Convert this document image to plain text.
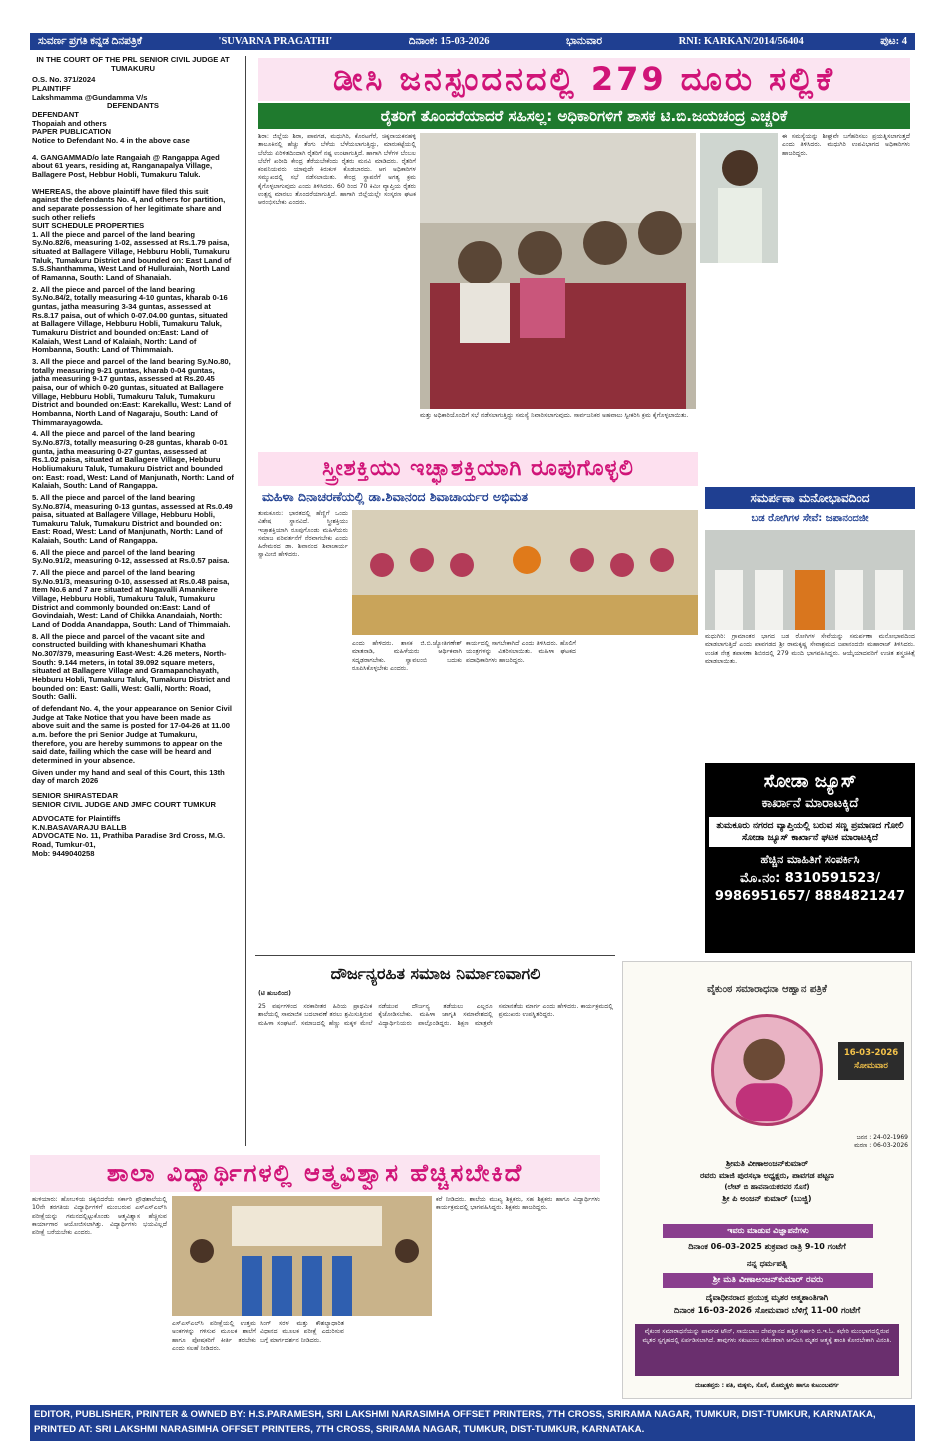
ಸುವರ್ಣ ಪ್ರಗತಿ ಕನ್ನಡ ದಿನಪತ್ರಿಕೆ	'SUVARNA PRAGATHI'	ದಿನಾಂಕ: 15-03-2026	ಭಾನುವಾರ	RNI: KARKAN/2014/56404	ಪುಟ: 4

IN THE COURT OF THE PRL SENIOR CIVIL JUDGE AT TUMAKURU

O.S. No. 371/2024

PLAINTIFF

Lakshmamma @Gundamma V/s

DEFENDANTS

DEFENDANT

Thopaiah and others

PAPER PUBLICATION

Notice to Defendant No. 4 in the above case

4. GANGAMMAD/o late Rangaiah @ Rangappa Aged about 61 years, residing at, Ranganapalya Village, Ballagere Post, Hebbur Hobli, Tumakuru Taluk.

WHEREAS, the above plaintiff have filed this suit against the defendants No. 4, and others for partition, and separate possession of her legitimate share and such other reliefs

SUIT SCHEDULE PROPERTIES

1. All the piece and parcel of the land bearing Sy.No.82/6, measuring 1-02, assessed at Rs.1.79 paisa, situated at Ballagere Village, Hebburu Hobli, Tumakuru Taluk, Tumakuru District and bounded on: East Land of S.S.Shanthamma, West Land of Hulluraiah, North Land of Ramanna, South: Land of Shanaiah.

2. All the piece and parcel of the land bearing Sy.No.84/2, totally measuring 4-10 guntas, kharab 0-16 guntas, jatha measuring 3-34 guntas, assessed at Rs.8.17 paisa, out of which 0-07.04.00 guntas, situated at Ballagere Village, Hebburu Hobli, Tumakuru Taluk, Tumakuru District and bounded on:East: Land of Kalaiah, West Land of Kalaiah, North: Land of Hombanna, South: Land of Thimmaiah.

3. All the piece and parcel of the land bearing Sy.No.80, totally measuring 9-21 guntas, kharab 0-04 guntas, jatha measuring 9-17 guntas, assessed at Rs.20.45 paisa, our of which 0-20 guntas, situated at Ballagere Village, Hebburu Hobli, Tumakuru Taluk, Tumakuru District and bounded on:East: Karekallu, West: Land of Hombanna, North Land of Nagaraju, South: Land of Thimmarayagowda.

4. All the piece and parcel of the land bearing Sy.No.87/3, totally measuring 0-28 guntas, kharab 0-01 gunta, jatha measuring 0-27 guntas, assessed at Rs.1.02 paisa, situated at Ballagere Village, Hebburu Hobliumakuru Taluk, Tumakuru District and bounded on: East: road, West: Land of Manjunath, North: Land of Kalaiah, South: Land of Rangappa.

5. All the piece and parcel of the land bearing Sy.No.87/4, measuring 0-13 guntas, assessed at Rs.0.49 paisa, situated at Ballagere Village, Hebburu Hobli, Tumakuru Taluk, Tumakuru District and bounded on: East: Road, West: Land of Manjunath, North: Land of Kalaiah, South: Land of Rangappa.

6. All the piece and parcel of the land bearing Sy.No.91/2, measuring 0-12, assessed at Rs.0.57 paisa.

7. All the piece and parcel of the land bearing Sy.No.91/3, measuring 0-10, assessed at Rs.0.48 paisa, Item No.6 and 7 are situated at Nagavalli Amanikere Village, Hebburu Hobli, Tumakuru Taluk, Tumakuru District and commonly bounded on:East: Land of Govindaiah, West: Land of Chikka Anandaiah, North: Land of Dodda Anandappa, South: Land of Thimmaiah.

8. All the piece and parcel of the vacant site and constructed building with khaneshumari Khatha No.307/379, measuring East-West: 4.26 meters, North-South: 9.144 meters, in total 39.092 square meters, situated at Ballagere Village and Gramapanchayath, Hebburu Hobli, Tumakuru Taluk, Tumakuru District and bounded on: East: Galli, West: Galli, North: Road, South: Galli.

of defendant No. 4, the your appearance on Senior Civil Judge at Take Notice that you have been made as above suit and the same is posted for 17-04-26 at 11.00 a.m. before the pri Senior Judge at Tumakuru, therefore, you are hereby summons to appear on the said date, failing which the case will be heard and determined in your absence.

Given under my hand and seal of this Court, this 13th day of march 2026

SENIOR SHIRASTEDAR

SENIOR CIVIL JUDGE AND JMFC COURT TUMKUR

ADVOCATE for Plaintiffs

K.N.BASAVARAJU BALLB

ADVOCATE No. 11, Prathiba Paradise 3rd Cross, M.G. Road, Tumkur-01,

Mob: 9449040258

ಡೀಸಿ ಜನಸ್ಪಂದನದಲ್ಲಿ 279 ದೂರು ಸಲ್ಲಿಕೆ
ರೈತರಿಗೆ ತೊಂದರೆಯಾದರೆ ಸಹಿಸಲ್ಲ: ಅಧಿಕಾರಿಗಳಿಗೆ ಶಾಸಕ ಟಿ.ಬಿ.ಜಯಚಂದ್ರ ಎಚ್ಚರಿಕೆ
ಶಿರಾ: ಜಿಲ್ಲೆಯ ಶಿರಾ, ಪಾವಗಡ, ಮಧುಗಿರಿ, ಕೊರಟಗೆರೆ, ಚಿಕ್ಕನಾಯಕನಹಳ್ಳಿ ತಾಲೂಕಿನಲ್ಲಿ ಹೆಚ್ಚು ತೆಂಗು ಬೆಳೆಯ ಬೆಳೆಯಲಾಗುತ್ತಿದ್ದು, ಮಾರುಕಟ್ಟೆಯಲ್ಲಿ ಬೆಲೆಯ ಏರಿಳಿತದಿಂದಾಗಿ ರೈತರಿಗೆ ನಷ್ಟ ಉಂಟಾಗುತ್ತಿದೆ. ಹಾಗಾಗಿ ಬೆಳೆಗಳ ಬೆಂಬಲ ಬೆಲೆಗೆ ಖರೀದಿ ಕೇಂದ್ರ ತೆರೆಯಬೇಕೆಂದು ರೈತರು ಮನವಿ ಮಾಡಿದರು. ರೈತರಿಗೆ ಕಂಪನಿಯವರು ಯಾವುದೇ ಕಿರುಕುಳ ಕೊಡಬಾರದು. ಆಗ ಅಧಿಕಾರಿಗಳ ಸಮ್ಮುಖದಲ್ಲಿ ಸಭೆ ನಡೆಸಲಾಯಿತು. ಕೇಂದ್ರ ಸ್ಥಾಪನೆಗೆ ಅಗತ್ಯ ಕ್ರಮ ಕೈಗೊಳ್ಳಲಾಗುವುದು ಎಂದು ತಿಳಿಸಿದರು. 60 ರಿಂದ 70 ಕಿಮೀ ವ್ಯಾಪ್ತಿಯ ರೈತರು ಉತ್ಪನ್ನ ಮಾರಲು ತೊಂದರೆಯಾಗುತ್ತಿದೆ. ಹಾಗಾಗಿ ಜಿಲ್ಲೆಯಲ್ಲೇ ಸಂಸ್ಕರಣ ಘಟಕ ಆರಂಭಿಸಬೇಕು ಎಂದರು.
ಮತ್ತು ಅಧಿಕಾರಿಯೊಂದಿಗೆ ಸಭೆ ನಡೆಸಲಾಗುತ್ತಿದ್ದು ಸಮಸ್ಯೆ ನಿವಾರಿಸಲಾಗುವುದು. ಸಾರ್ವಜನಿಕರ ಅಹವಾಲು ಸ್ವೀಕರಿಸಿ ಕ್ರಮ ಕೈಗೊಳ್ಳಲಾಯಿತು.
ಈ ಸಮಸ್ಯೆಯನ್ನು ಶೀಘ್ರವೇ ಬಗೆಹರಿಸಲು ಪ್ರಯತ್ನಿಸಲಾಗುತ್ತದೆ ಎಂದು ತಿಳಿಸಿದರು. ಮಧುಗಿರಿ ಉಪವಿಭಾಗದ ಅಧಿಕಾರಿಗಳು ಹಾಜರಿದ್ದರು.
ಸ್ತ್ರೀಶಕ್ತಿಯು ಇಚ್ಛಾಶಕ್ತಿಯಾಗಿ ರೂಪುಗೊಳ್ಳಲಿ
ಮಹಿಳಾ ದಿನಾಚರಣೆಯಲ್ಲಿ ಡಾ.ಶಿವಾನಂದ ಶಿವಾಚಾರ್ಯರ ಅಭಿಮತ
ತುಮಕೂರು: ಭಾರತದಲ್ಲಿ ಹೆಣ್ಣಿಗೆ ಒಂದು ವಿಶೇಷ ಸ್ಥಾನವಿದೆ. ಸ್ತ್ರೀಶಕ್ತಿಯು ಇಚ್ಛಾಶಕ್ತಿಯಾಗಿ ರೂಪುಗೊಂಡು ಮಹಿಳೆಯರು ಸಮಾಜ ಪರಿವರ್ತನೆಗೆ ನೆರವಾಗಬೇಕು ಎಂದು ಹಿರೇಮಠದ ಡಾ. ಶಿವಾನಂದ ಶಿವಾಚಾರ್ಯ ಸ್ವಾಮೀಜಿ ಹೇಳಿದರು.
ಎಂದು ಹೇಳಿದರು. ಶಾಸಕ ಜಿ.ಬಿ.ಜ್ಯೋತಿಗಣೇಶ್ ಮಾತನಾಡಿ, ಮಹಿಳೆಯರು ಆರ್ಥಿಕವಾಗಿ ಸದೃಢರಾಗಬೇಕು. ಸ್ವಾವಲಂಬಿ ಬದುಕು ರೂಪಿಸಿಕೊಳ್ಳಬೇಕು ಎಂದರು.
ಕಾರ್ಯದಲ್ಲಿ ಸಾಗಬೇಕಾಗಿದೆ ಎಂದು ತಿಳಿಸಿದರು. ಹೊಲಿಗೆ ಯಂತ್ರಗಳನ್ನು ವಿತರಿಸಲಾಯಿತು. ಮಹಿಳಾ ಘಟಕದ ಪದಾಧಿಕಾರಿಗಳು ಹಾಜರಿದ್ದರು.
ಸಮರ್ಪಣಾ ಮನೋಭಾವದಿಂದ
ಬಡ ರೋಗಿಗಳ ಸೇವೆ: ಜಪಾನಂದಜೀ
ಮಧುಗಿರಿ: ಗ್ರಾಮಾಂತರ ಭಾಗದ ಬಡ ರೋಗಿಗಳ ಸೇವೆಯನ್ನು ಸಮರ್ಪಣಾ ಮನೋಭಾವದಿಂದ ಮಾಡಲಾಗುತ್ತಿದೆ ಎಂದು ಪಾವಗಡದ ಶ್ರೀ ರಾಮಕೃಷ್ಣ ಸೇವಾಶ್ರಮದ ಜಪಾನಂದಜೀ ಮಹಾರಾಜ್ ತಿಳಿಸಿದರು. ಉಚಿತ ನೇತ್ರ ತಪಾಸಣಾ ಶಿಬಿರದಲ್ಲಿ 279 ಮಂದಿ ಭಾಗವಹಿಸಿದ್ದರು. ಆಯ್ಕೆಯಾದವರಿಗೆ ಉಚಿತ ಶಸ್ತ್ರಚಿಕಿತ್ಸೆ ಮಾಡಲಾಯಿತು.
ಸೋಡಾ ಜ್ಯೂಸ್
ಕಾರ್ಖಾನೆ ಮಾರಾಟಕ್ಕಿದೆ
ತುಮಕೂರು ನಗರದ ವ್ಯಾಪ್ತಿಯಲ್ಲಿ ಬರುವ ಸಣ್ಣ ಪ್ರಮಾಣದ ಗೋಲಿ ಸೋಡಾ ಜ್ಯೂಸ್ ಕಾರ್ಖಾನೆ ಘಟಕ ಮಾರಾಟಕ್ಕಿದೆ
ಹೆಚ್ಚಿನ ಮಾಹಿತಿಗೆ ಸಂಪರ್ಕಿಸಿ
ಮೊ.ನಂ: 8310591523/
9986951657/ 8884821247
ದೌರ್ಜನ್ಯರಹಿತ ಸಮಾಜ ನಿರ್ಮಾಣವಾಗಲಿ
(ಟಿ ಹುಬಲಿಂದ)
25 ವರ್ಷಗಳಿಂದ ಸರಕಾರೀತರ ಹಿರಿಯ ಪ್ರಾಥಮಿಕ ಶಾಲೆಯಲ್ಲಿ ಸಾಮಾಜಿಕ ಬದಲಾವಣೆ ತರಲು ಶ್ರಮಿಸುತ್ತಿರುವ ಮಹಿಳಾ ಸಂಘಟನೆ. ಸಮಾಜದಲ್ಲಿ ಹೆಣ್ಣು ಮಕ್ಕಳ ಮೇಲೆ ನಡೆಯುವ ದೌರ್ಜನ್ಯ ತಡೆಯಲು ಎಲ್ಲರೂ ಕೈಜೋಡಿಸಬೇಕು. ಮಹಿಳಾ ಜಾಗೃತಿ ಸಮಾವೇಶದಲ್ಲಿ ವಿದ್ಯಾರ್ಥಿನಿಯರು ಪಾಲ್ಗೊಂಡಿದ್ದರು. ಶಿಕ್ಷಣ ಮಾತ್ರವೇ ಸಮಾನತೆಯ ಮಾರ್ಗ ಎಂದು ಹೇಳಿದರು. ಕಾರ್ಯಕ್ರಮದಲ್ಲಿ ಪ್ರಮುಖರು ಉಪಸ್ಥಿತರಿದ್ದರು.
ಶಾಲಾ ವಿದ್ಯಾರ್ಥಿಗಳಲ್ಲಿ ಆತ್ಮವಿಶ್ವಾಸ ಹೆಚ್ಚಿಸಬೇಕಿದೆ
ಹುಳಿಯಾರು: ಹೋಬಳಿಯ ಚಿಕ್ಕಬಿದರೆಯ ಸರ್ಕಾರಿ ಪ್ರೌಢಶಾಲೆಯಲ್ಲಿ 10ನೇ ತರಗತಿಯ ವಿದ್ಯಾರ್ಥಿಗಳಿಗೆ ಮುಂಬರುವ ಎಸ್‌ಎಸ್‌ಎಲ್‌ಸಿ ಪರೀಕ್ಷೆಯನ್ನು ಗಮನದಲ್ಲಿಟ್ಟುಕೊಂಡು ಆತ್ಮವಿಶ್ವಾಸ ಹೆಚ್ಚಿಸುವ ಕಾರ್ಯಾಗಾರ ಆಯೋಜಿಸಲಾಗಿತ್ತು. ವಿದ್ಯಾರ್ಥಿಗಳು ಭಯವಿಲ್ಲದೆ ಪರೀಕ್ಷೆ ಬರೆಯಬೇಕು ಎಂದರು.
ಎಸ್‌ಎಸ್‌ಎಲ್‌ಸಿ ಪರೀಕ್ಷೆಯಲ್ಲಿ ಉತ್ತಮ ಅಂಕಗಳನ್ನು ಗಳಿಸುವ ಮೂಲಕ ಶಾಲೆಗೆ ಹಾಗೂ ಪೋಷಕರಿಗೆ ಕೀರ್ತಿ ತರಬೇಕು ಎಂದು ಸಲಹೆ ನೀಡಿದರು.
ಸಿಂಗ್ ಸರಳ ಮತ್ತು ಕೌಶಲ್ಯಾಧಾರಿತ ವಿಧಾನದ ಮೂಲಕ ಪರೀಕ್ಷೆ ಎದುರಿಸುವ ಬಗ್ಗೆ ಮಾರ್ಗದರ್ಶನ ನೀಡಿದರು.
ಕರೆ ನೀಡಿದರು. ಶಾಲೆಯ ಮುಖ್ಯ ಶಿಕ್ಷಕರು, ಸಹ ಶಿಕ್ಷಕರು ಹಾಗೂ ವಿದ್ಯಾರ್ಥಿಗಳು ಕಾರ್ಯಕ್ರಮದಲ್ಲಿ ಭಾಗವಹಿಸಿದ್ದರು. ಶಿಕ್ಷಕರು ಹಾಜರಿದ್ದರು.
ವೈಕುಂಠ ಸಮಾರಾಧನಾ ಆಹ್ವಾನ ಪತ್ರಿಕೆ
16-03-2026
ಸೋಮವಾರ
ಜನನ : 24-02-1969
ಮರಣ : 06-03-2026
ಶ್ರೀಮತಿ ವೀಣಾಅಂಜನ್‌ಕುಮಾರ್
ರವರು ಮಾಜಿ ಪುರಸಭಾ ಅಧ್ಯಕ್ಷರು, ಪಾವಗಡ ಪಟ್ಟಣ
(ಲೇಟ್ ಬಿ ಹಾವನಾಯಕರವರ ಸೊಸೆ)
ಶ್ರೀ ಪಿ ಅಂಜನ್ ಕುಮಾರ್ (ಬುಜ್ಜಿ)
ಇವರು ಮಾಡುವ ವಿಜ್ಞಾಪನೆಗಳು
ದಿನಾಂಕ 06-03-2025 ಶುಕ್ರವಾರ ರಾತ್ರಿ 9-10 ಗಂಟೆಗೆ
ನನ್ನ ಧರ್ಮಪತ್ನಿ
ಶ್ರೀ ಮತಿ ವೀಣಾಅಂಜನ್‌ಕುಮಾರ್ ರವರು
ದೈವಾಧೀನರಾದ ಪ್ರಯುಕ್ತ ಮೃತರ ಆತ್ಮಶಾಂತಿಗಾಗಿ
ದಿನಾಂಕ 16-03-2026 ಸೋಮವಾರ ಬೆಳಿಗ್ಗೆ 11-00 ಗಂಟೆಗೆ
ವೈಕುಂಠ ಸಮಾರಾಧನೆಯನ್ನು ಪಾವಗಡ ಟೌನ್, ಸಾಯಿಬಾಬ ದೇವಸ್ಥಾನದ ಹತ್ತಿರ ಸರ್ಕಾರಿ ಬಿ.ಇ.ಓ. ಕಛೇರಿ ಮುಂಭಾಗದಲ್ಲಿರುವ ಮೃತರ ಸ್ವಗೃಹದಲ್ಲಿ ಏರ್ಪಡಿಸಲಾಗಿದೆ. ತಾವುಗಳು ಸಕುಟುಂಬ ಸಮೇತರಾಗಿ ಆಗಮಿಸಿ ಮೃತರ ಆತ್ಮಕ್ಕೆ ಶಾಂತಿ ಕೋರಬೇಕಾಗಿ ವಿನಂತಿ.
ದುಃಖತಪ್ತರು : ಪತಿ, ಮಕ್ಕಳು, ಸೊಸೆ, ಮೊಮ್ಮಕ್ಕಳು ಹಾಗೂ ಕುಟುಂಬವರ್ಗ
EDITOR, PUBLISHER, PRINTER & OWNED BY: H.S.PARAMESH, SRI LAKSHMI NARASIMHA OFFSET PRINTERS, 7TH CROSS, SRIRAMA NAGAR, TUMKUR, DIST-TUMKUR, KARNATAKA, PRINTED AT: SRI LAKSHMI NARASIMHA OFFSET PRINTERS, 7TH CROSS, SRIRAMA NAGAR, TUMKUR, DIST-TUMKUR, KARNATAKA.
